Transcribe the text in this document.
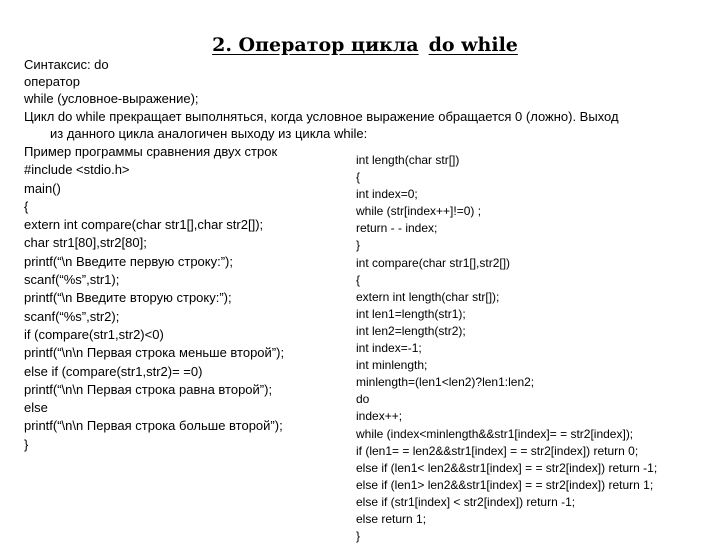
2. Оператор цикла do while
Синтаксис: do
оператор
while (условное-выражение);
Цикл do while прекращает выполняться, когда условное выражение обращается 0 (ложно). Выход
из данного цикла аналогичен выходу из цикла while:
Пример программы сравнения двух строк
#include <stdio.h>
main()
{
extern int compare(char str1[],char str2[]);
char str1[80],str2[80];
printf(“\n Введите первую строку:”);
scanf(“%s”,str1);
printf(“\n Введите вторую строку:”);
scanf(“%s”,str2);
if (compare(str1,str2)<0)
printf(“\n\n Первая строка меньше второй”);
else if (compare(str1,str2)= =0)
printf(“\n\n Первая строка равна второй”);
else
printf(“\n\n Первая строка больше второй”);
}
int length(char str[])
{
int index=0;
while (str[index++]!=0) ;
return - - index;
}
int compare(char str1[],str2[])
{
extern int length(char str[]);
int len1=length(str1);
int len2=length(str2);
int index=-1;
int minlength;
minlength=(len1<len2)?len1:len2;
do
index++;
while (index<minlength&&str1[index]= = str2[index]);
if (len1= = len2&&str1[index] = = str2[index]) return 0;
else if (len1< len2&&str1[index] = = str2[index]) return -1;
else if (len1> len2&&str1[index] = = str2[index]) return 1;
else if (str1[index] < str2[index]) return -1;
else return 1;
}
